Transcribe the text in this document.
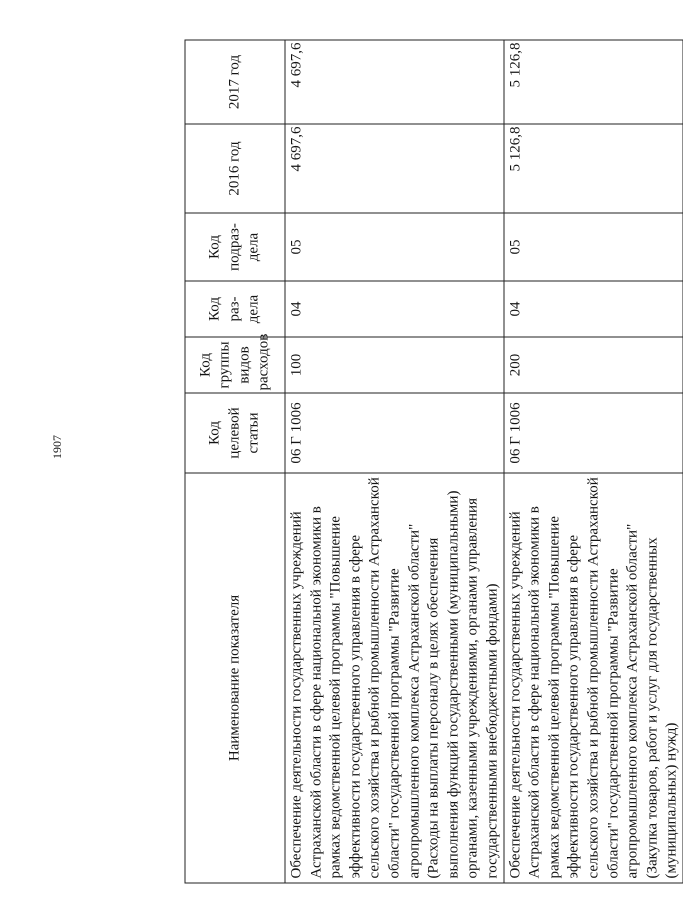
1907
Наименование показателя	Код целевой статьи	Код группы видов расходов	Код раз-дела	Код подраз-дела	2016 год	2017 год
Обеспечение деятельности государственных учреждений Астраханской области в сфере национальной экономики в рамках ведомственной целевой программы "Повышение эффективности государственного управления в сфере сельского хозяйства и рыбной промышленности Астраханской области" государственной программы "Развитие агропромышленного комплекса Астраханской области" (Расходы на выплаты персоналу в целях обеспечения выполнения функций государственными (муниципальными) органами, казенными учреждениями, органами управления государственными внебюджетными фондами)	06 Г 1006	100	04	05	4 697,6	4 697,6
Обеспечение деятельности государственных учреждений Астраханской области в сфере национальной экономики в рамках ведомственной целевой программы "Повышение эффективности государственного управления в сфере сельского хозяйства и рыбной промышленности Астраханской области" государственной программы "Развитие агропромышленного комплекса Астраханской области" (Закупка товаров, работ и услуг для государственных (муниципальных) нужд)	06 Г 1006	200	04	05	5 126,8	5 126,8
